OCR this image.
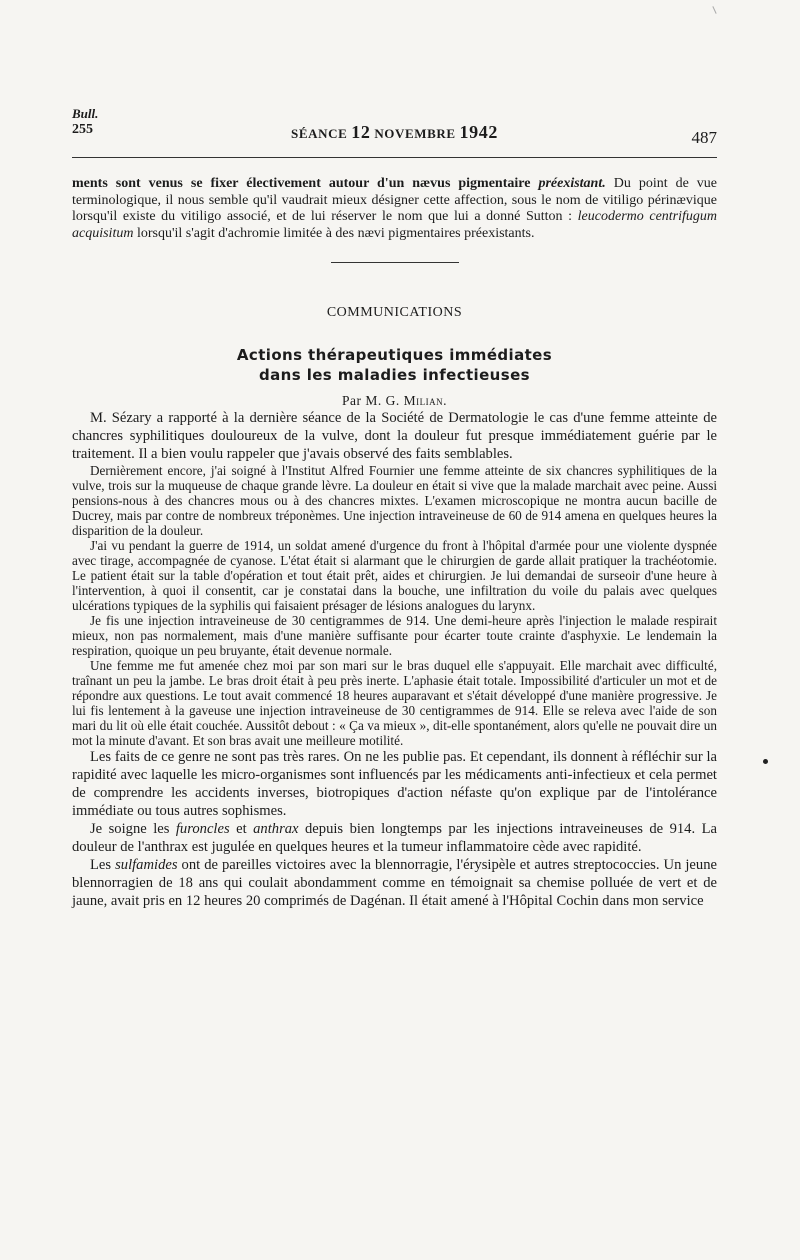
Bull.
255	SÉANCE 12 NOVEMBRE 1942	487

ments sont venus se fixer électivement autour d'un nævus pigmentaire préexistant. Du point de vue terminologique, il nous semble qu'il vaudrait mieux désigner cette affection, sous le nom de vitiligo périnævique lorsqu'il existe du vitiligo associé, et de lui réserver le nom que lui a donné Sutton : leucodermo centrifugum acquisitum lorsqu'il s'agit d'achromie limitée à des nævi pigmentaires préexistants.

COMMUNICATIONS
Actions thérapeutiques immédiates
dans les maladies infectieuses
Par M. G. Milian.

M. Sézary a rapporté à la dernière séance de la Société de Dermatologie le cas d'une femme atteinte de chancres syphilitiques douloureux de la vulve, dont la douleur fut presque immédiatement guérie par le traitement. Il a bien voulu rappeler que j'avais observé des faits semblables.

Dernièrement encore, j'ai soigné à l'Institut Alfred Fournier une femme atteinte de six chancres syphilitiques de la vulve, trois sur la muqueuse de chaque grande lèvre. La douleur en était si vive que la malade marchait avec peine. Aussi pensions-nous à des chancres mous ou à des chancres mixtes. L'examen microscopique ne montra aucun bacille de Ducrey, mais par contre de nombreux tréponèmes. Une injection intraveineuse de 60 de 914 amena en quelques heures la disparition de la douleur.

J'ai vu pendant la guerre de 1914, un soldat amené d'urgence du front à l'hôpital d'armée pour une violente dyspnée avec tirage, accompagnée de cyanose. L'état était si alarmant que le chirurgien de garde allait pratiquer la trachéotomie. Le patient était sur la table d'opération et tout était prêt, aides et chirurgien. Je lui demandai de surseoir d'une heure à l'intervention, à quoi il consentit, car je constatai dans la bouche, une infiltration du voile du palais avec quelques ulcérations typiques de la syphilis qui faisaient présager de lésions analogues du larynx.

Je fis une injection intraveineuse de 30 centigrammes de 914. Une demi-heure après l'injection le malade respirait mieux, non pas normalement, mais d'une manière suffisante pour écarter toute crainte d'asphyxie. Le lendemain la respiration, quoique un peu bruyante, était devenue normale.

Une femme me fut amenée chez moi par son mari sur le bras duquel elle s'appuyait. Elle marchait avec difficulté, traînant un peu la jambe. Le bras droit était à peu près inerte. L'aphasie était totale. Impossibilité d'articuler un mot et de répondre aux questions. Le tout avait commencé 18 heures auparavant et s'était développé d'une manière progressive. Je lui fis lentement à la gaveuse une injection intraveineuse de 30 centigrammes de 914. Elle se releva avec l'aide de son mari du lit où elle était couchée. Aussitôt debout : « Ça va mieux », dit-elle spontanément, alors qu'elle ne pouvait dire un mot la minute d'avant. Et son bras avait une meilleure motilité.

Les faits de ce genre ne sont pas très rares. On ne les publie pas. Et cependant, ils donnent à réfléchir sur la rapidité avec laquelle les micro-organismes sont influencés par les médicaments anti-infectieux et cela permet de comprendre les accidents inverses, biotropiques d'action néfaste qu'on explique par de l'intolérance immédiate ou tous autres sophismes.

Je soigne les furoncles et anthrax depuis bien longtemps par les injections intraveineuses de 914. La douleur de l'anthrax est jugulée en quelques heures et la tumeur inflammatoire cède avec rapidité.

Les sulfamides ont de pareilles victoires avec la blennorragie, l'érysipèle et autres streptococcies. Un jeune blennorragien de 18 ans qui coulait abondamment comme en témoignait sa chemise polluée de vert et de jaune, avait pris en 12 heures 20 comprimés de Dagénan. Il était amené à l'Hôpital Cochin dans mon service
